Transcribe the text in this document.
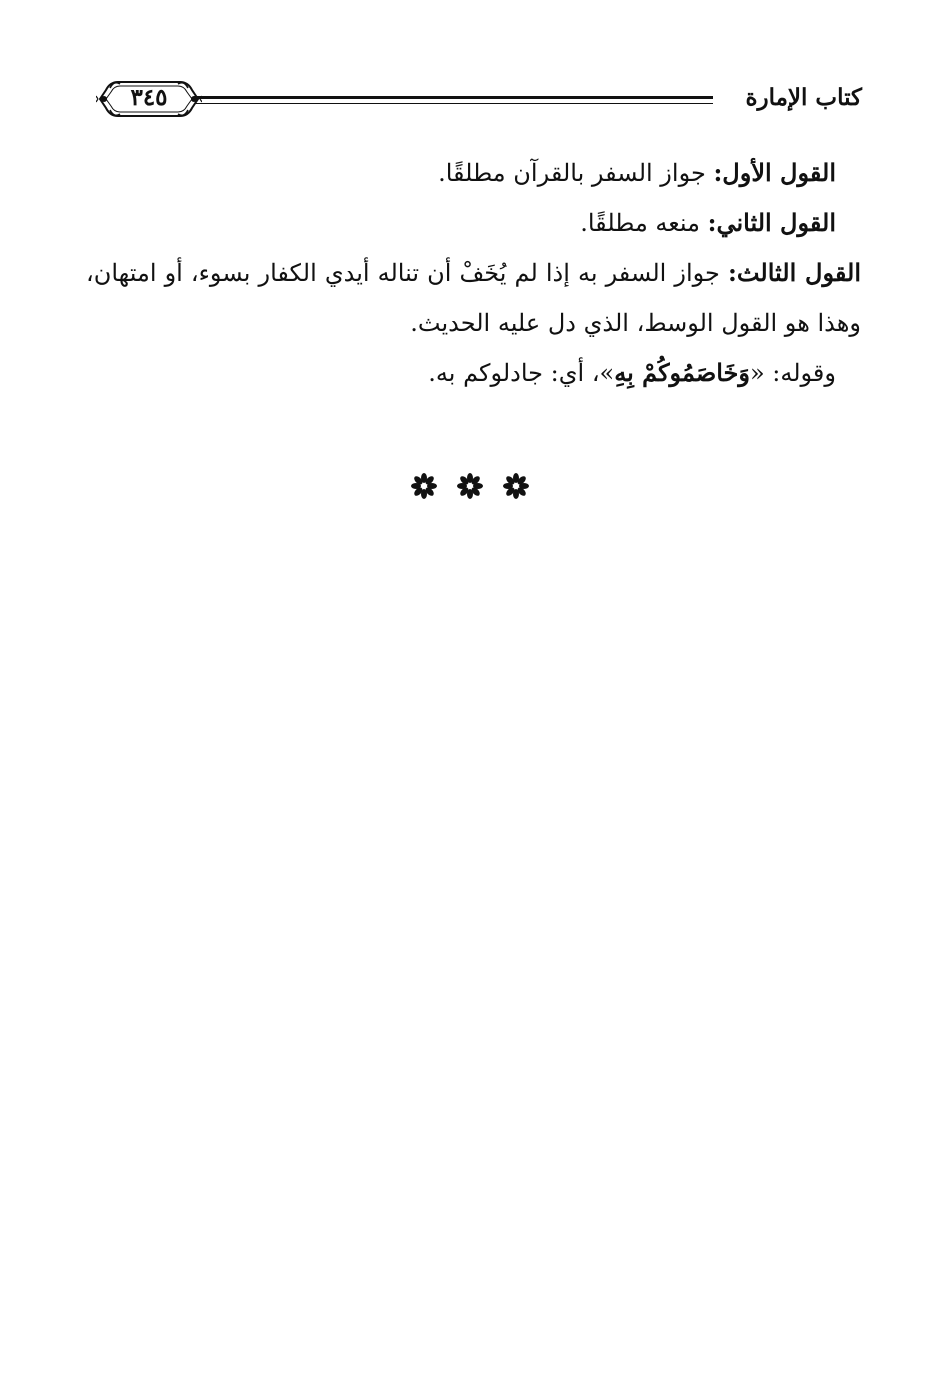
كتاب الإمارة
٣٤٥

القول الأول: جواز السفر بالقرآن مطلقًا.

القول الثاني: منعه مطلقًا.

القول الثالث: جواز السفر به إذا لم يُخَفْ أن تناله أيدي الكفار بسوء، أو امتهان، وهذا هو القول الوسط، الذي دل عليه الحديث.

وقوله: «وَخَاصَمُوكُمْ بِهِ»، أي: جادلوكم به.
